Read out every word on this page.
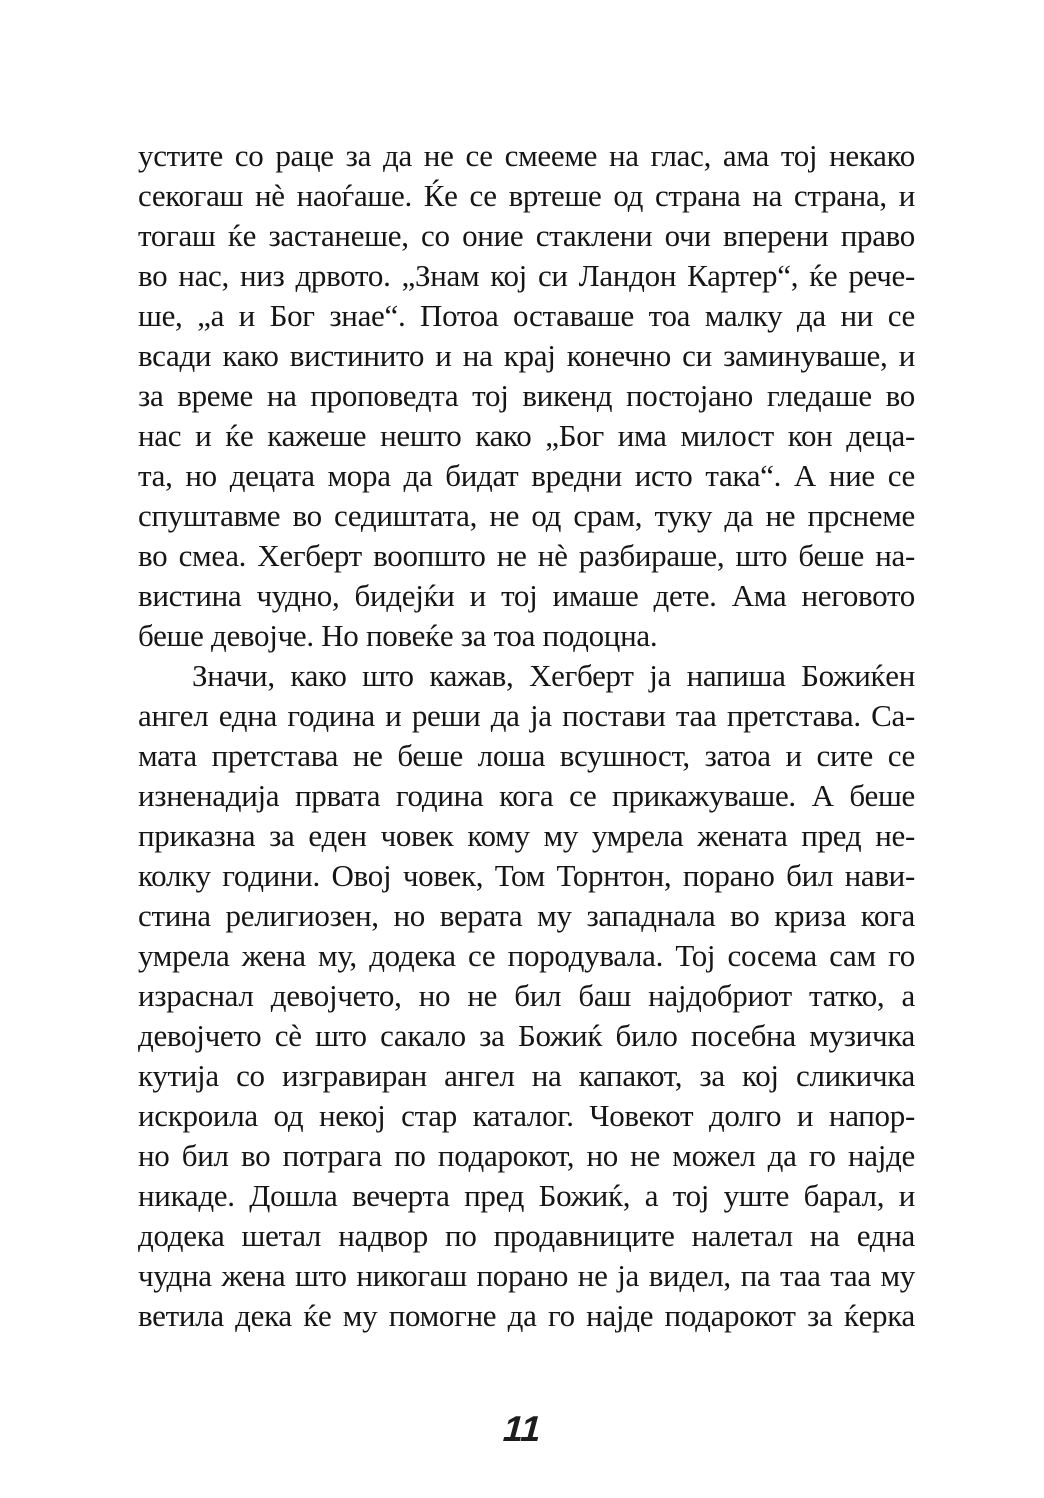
устите со раце за да не се смееме на глас, ама тој некако
секогаш нѐ наоѓаше. Ќе се вртеше од страна на страна, и
тогаш ќе застанеше, со оние стаклени очи вперени право
во нас, низ дрвото. „Знам кој си Ландон Картер“, ќе рече-
ше, „а и Бог знае“. Потоа оставаше тоа малку да ни се
всади како вистинито и на крај конечно си заминуваше, и
за време на проповедта тој викенд постојано гледаше во
нас и ќе кажеше нешто како „Бог има милост кон деца-
та, но децата мора да бидат вредни исто така“. А ние се
спуштавме во седиштата, не од срам, туку да не прснеме
во смеа. Хегберт воопшто не нѐ разбираше, што беше на-
вистина чудно, бидејќи и тој имаше дете. Ама неговото
беше девојче. Но повеќе за тоа подоцна.
Значи, како што кажав, Хегберт ја напиша Божиќен
ангел една година и реши да ја постави таа претстава. Са-
мата претстава не беше лоша всушност, затоа и сите се
изненадија првата година кога се прикажуваше. А беше
приказна за еден човек кому му умрела жената пред не-
колку години. Овој човек, Том Торнтон, порано бил нави-
стина религиозен, но верата му западнала во криза кога
умрела жена му, додека се породувала. Тој сосема сам го
израснал девојчето, но не бил баш најдобриот татко, а
девојчето сѐ што сакало за Божиќ било посебна музичка
кутија со изгравиран ангел на капакот, за кој сликичка
искроила од некој стар каталог. Човекот долго и напор-
но бил во потрага по подарокот, но не можел да го најде
никаде. Дошла вечерта пред Божиќ, а тој уште барал, и
додека шетал надвор по продавниците налетал на една
чудна жена што никогаш порано не ја видел, па таа таа му
ветила дека ќе му помогне да го најде подарокот за ќерка
11
